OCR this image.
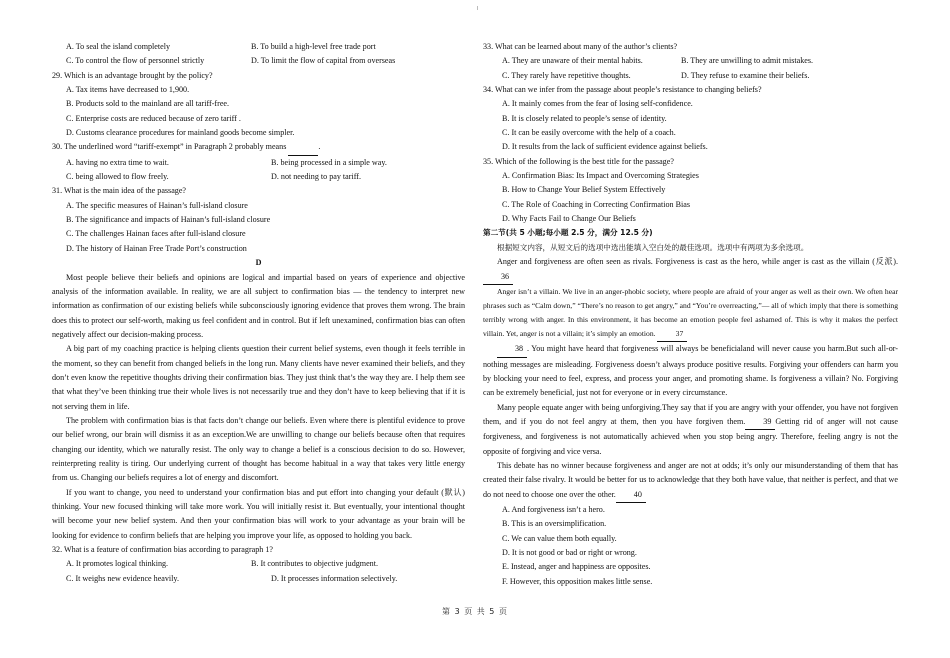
A. To seal the island completely	B. To build a high-level free trade port
C. To control the flow of personnel strictly	D. To limit the flow of capital from overseas
29. Which is an advantage brought by the policy?
A. Tax items have decreased to 1,900.
B. Products sold to the mainland are all tariff-free.
C. Enterprise costs are reduced because of zero tariff .
D. Customs clearance procedures for mainland goods become simpler.
30. The underlined word “tariff-exempt” in Paragraph 2 probably means	.
A. having no extra time to wait.	B. being processed in a simple way.
C. being allowed to flow freely.	D. not needing to pay tariff.
31. What is the main idea of the passage?
A. The specific measures of Hainan’s full-island closure
B. The significance and impacts of Hainan’s full-island closure
C. The challenges Hainan faces after full-island closure
D. The history of Hainan Free Trade Port’s construction
D
Most people believe their beliefs and opinions are logical and impartial based on years of experience and objective analysis of the information available. In reality, we are all subject to confirmation bias — the tendency to interpret new information as confirmation of our existing beliefs while subconsciously ignoring evidence that proves them wrong. The brain does this to protect our self-worth, making us feel confident and in control. But if left unexamined, confirmation bias can often negatively affect our decision-making process.
A big part of my coaching practice is helping clients question their current belief systems, even though it feels terrible in the moment, so they can benefit from changed beliefs in the long run. Many clients have never examined their beliefs, and they don’t even know the repetitive thoughts driving their confirmation bias. They just think that’s the way they are. I help them see that what they’ve been thinking true their whole lives is not necessarily true and they don’t have to keep believing that if it is not serving them in life.
The problem with confirmation bias is that facts don’t change our beliefs. Even where there is plentiful evidence to prove our belief wrong, our brain will dismiss it as an exception.We are unwilling to change our beliefs because often that requires changing our identity, which we naturally resist. The only way to change a belief is a conscious decision to do so. However, reinterpreting reality is tiring. Our underlying current of thought has become habitual in a way that takes very little energy from us. Changing our beliefs requires a lot of energy and discomfort.
If you want to change, you need to understand your confirmation bias and put effort into changing your default (默认) thinking. Your new focused thinking will take more work. You will initially resist it. But eventually, your intentional thought will become your new belief system. And then your confirmation bias will work to your advantage as your brain will be looking for evidence to confirm beliefs that are helping you improve your life, as opposed to holding you back.
32. What is a feature of confirmation bias according to paragraph 1?
A. It promotes logical thinking.	B. It contributes to objective judgment.
C. It weighs new evidence heavily.	D. It processes information selectively.
33. What can be learned about many of the author’s clients?
A. They are unaware of their mental habits.	B. They are unwilling to admit mistakes.
C. They rarely have repetitive thoughts.	D. They refuse to examine their beliefs.
34. What can we infer from the passage about people’s resistance to changing beliefs?
A. It mainly comes from the fear of losing self-confidence.
B. It is closely related to people’s sense of identity.
C. It can be easily overcome with the help of a coach.
D. It results from the lack of sufficient evidence against beliefs.
35. Which of the following is the best title for the passage?
A. Confirmation Bias: Its Impact and Overcoming Strategies
B. How to Change Your Belief System Effectively
C. The Role of Coaching in Correcting Confirmation Bias
D. Why Facts Fail to Change Our Beliefs
第二节(共 5 小题;每小题 2.5 分，满分 12.5 分)
根据短文内容，从短文后的选项中选出能填入空白处的最佳选项。选项中有两项为多余选项。
Anger and forgiveness are often seen as rivals. Forgiveness is cast as the hero, while anger is cast as the villain (反派).36
Anger isn’t a villain. We live in an anger-phobic society, where people are afraid of your anger as well as their own. We often hear phrases such as “Calm down,” “There’s no reason to get angry,” and “You’re overreacting,”— all of which imply that there is something terribly wrong with anger. In this environment, it has become an emotion people feel ashamed of. This is why it makes the perfect villain. Yet, anger is not a villain; it’s simply an emotion.	37
38 . You might have heard that forgiveness will always be beneficialand will never cause you harm.But such all-or-nothing messages are misleading. Forgiveness doesn’t always produce positive results. Forgiving your offenders can harm you by blocking your need to feel, express, and process your anger, and promoting shame. Is forgiveness a villain? No. Forgiving can be extremely beneficial, just not for everyone or in every circumstance.
Many people equate anger with being unforgiving.They say that if you are angry with your offender, you have not forgiven them, and if you do not feel angry at them, then you have forgiven them. 39 Getting rid of anger will not cause forgiveness, and forgiveness is not automatically achieved when you stop being angry. Therefore, feeling angry is not the opposite of forgiving and vice versa.
This debate has no winner because forgiveness and anger are not at odds; it’s only our misunderstanding of them that has created their false rivalry. It would be better for us to acknowledge that they both have value, that neither is perfect, and that we do not need to choose one over the other. 40
A. And forgiveness isn’t a hero.
B. This is an oversimplification.
C. We can value them both equally.
D. It is not good or bad or right or wrong.
E. Instead, anger and happiness are opposites.
F. However, this opposition makes little sense.
第 3 页 共 5 页
